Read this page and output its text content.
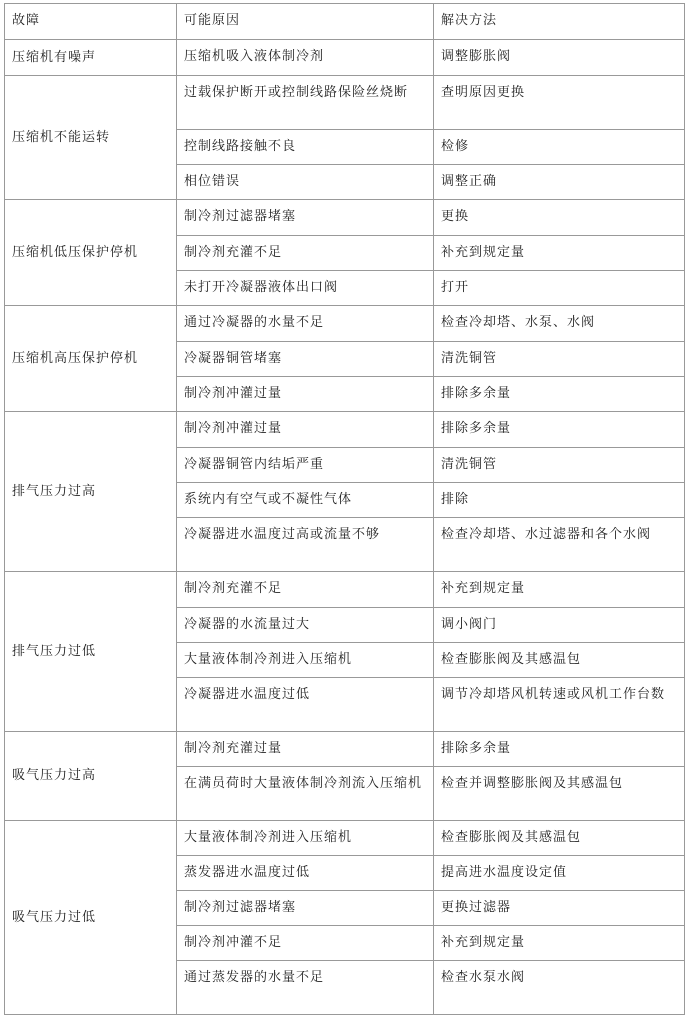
故障	可能原因	解决方法
压缩机有噪声	压缩机吸入液体制冷剂	调整膨胀阀
压缩机不能运转	过载保护断开或控制线路保险丝烧断	查明原因更换
	控制线路接触不良	检修
	相位错误	调整正确
压缩机低压保护停机	制冷剂过滤器堵塞	更换
	制冷剂充灌不足	补充到规定量
	未打开冷凝器液体出口阀	打开
压缩机高压保护停机	通过冷凝器的水量不足	检查冷却塔、水泵、水阀
	冷凝器铜管堵塞	清洗铜管
	制冷剂冲灌过量	排除多余量
排气压力过高	制冷剂冲灌过量	排除多余量
	冷凝器铜管内结垢严重	清洗铜管
	系统内有空气或不凝性气体	排除
	冷凝器进水温度过高或流量不够	检查冷却塔、水过滤器和各个水阀
排气压力过低	制冷剂充灌不足	补充到规定量
	冷凝器的水流量过大	调小阀门
	大量液体制冷剂进入压缩机	检查膨胀阀及其感温包
	冷凝器进水温度过低	调节冷却塔风机转速或风机工作台数
吸气压力过高	制冷剂充灌过量	排除多余量
	在满员荷时大量液体制冷剂流入压缩机	检查并调整膨胀阀及其感温包
吸气压力过低	大量液体制冷剂进入压缩机	检查膨胀阀及其感温包
	蒸发器进水温度过低	提高进水温度设定值
	制冷剂过滤器堵塞	更换过滤器
	制冷剂冲灌不足	补充到规定量
	通过蒸发器的水量不足	检查水泵水阀
